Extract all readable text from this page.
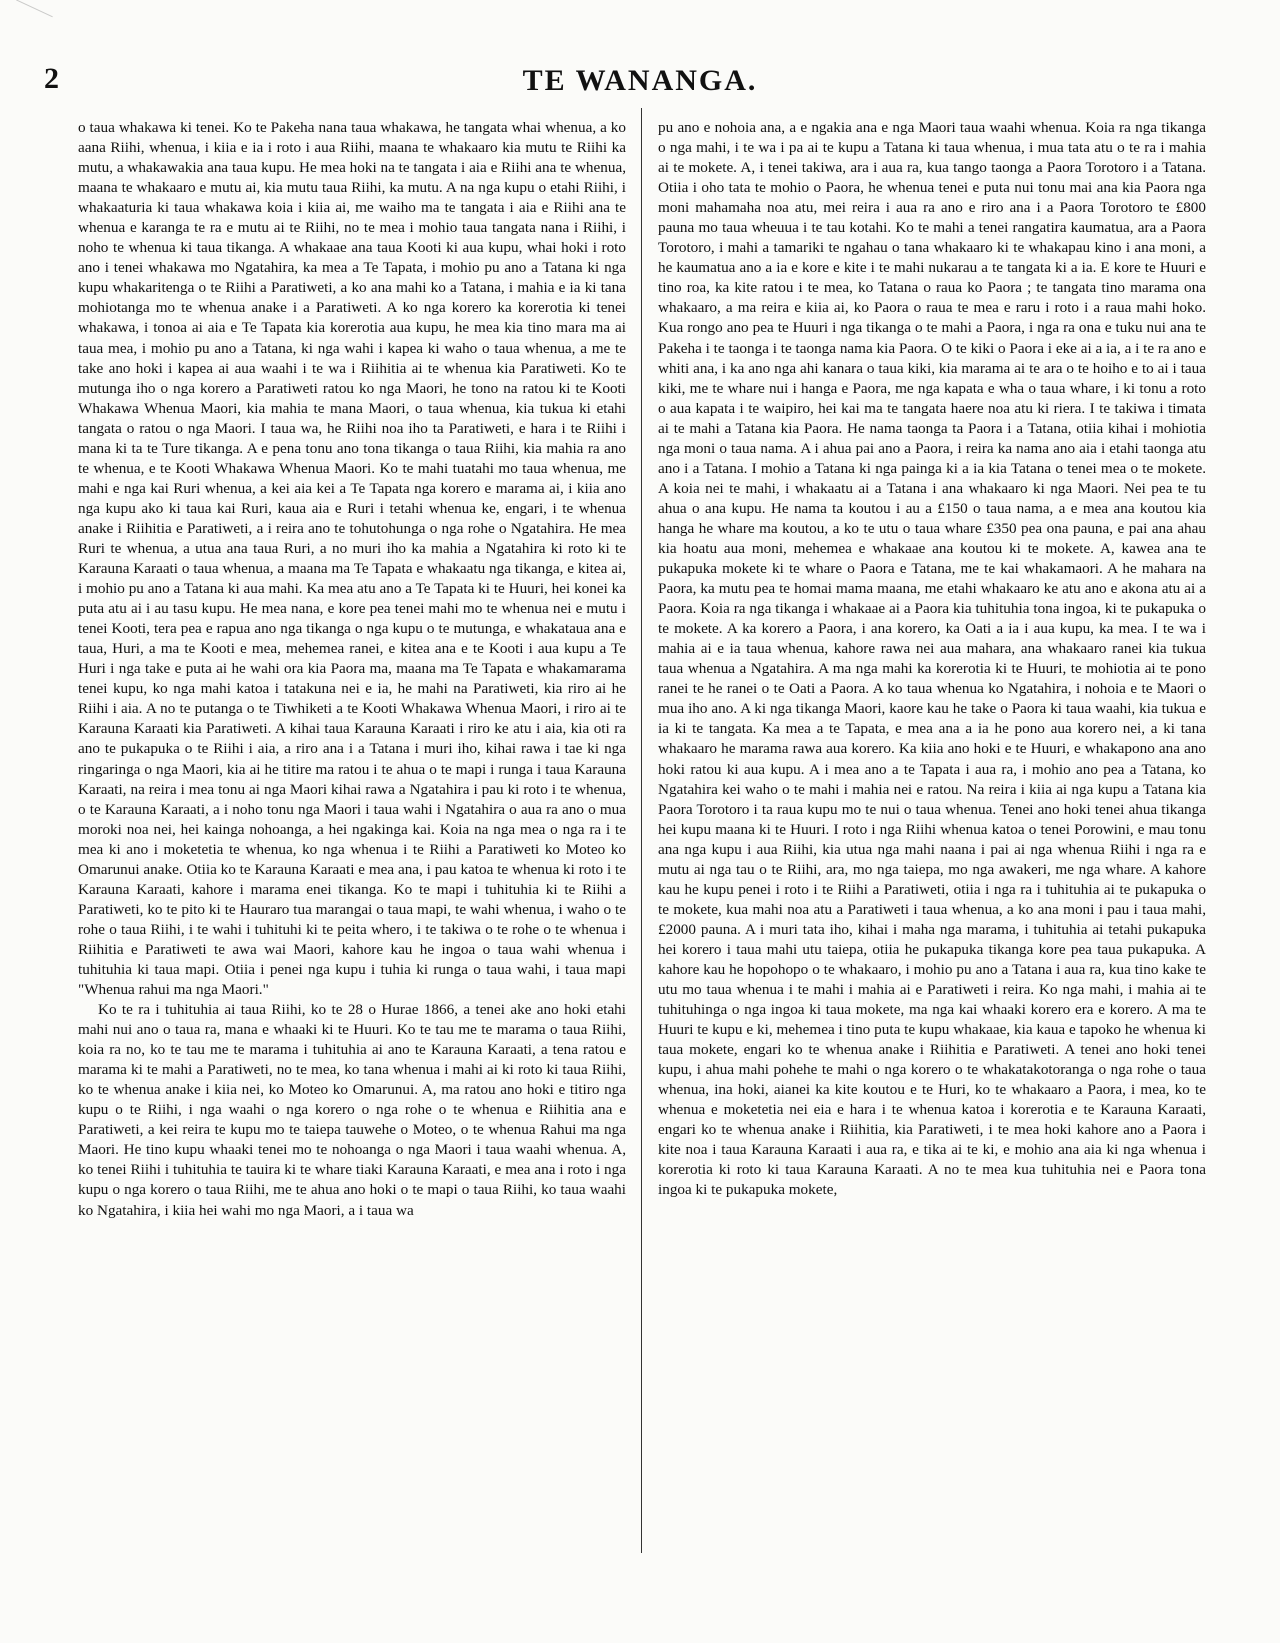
2	TE WANANGA.

o taua whakawa ki tenei. Ko te Pakeha nana taua whakawa, he tangata whai whenua, a ko aana Riihi, whenua, i kiia e ia i roto i aua Riihi, maana te whakaaro kia mutu te Riihi ka mutu, a whakawakia ana taua kupu. He mea hoki na te tangata i aia e Riihi ana te whenua, maana te whakaaro e mutu ai, kia mutu taua Riihi, ka mutu. A na nga kupu o etahi Riihi, i whakaaturia ki taua whakawa koia i kiia ai, me waiho ma te tangata i aia e Riihi ana te whenua e karanga te ra e mutu ai te Riihi, no te mea i mohio taua tangata nana i Riihi, i noho te whenua ki taua tikanga. A whakaae ana taua Kooti ki aua kupu, whai hoki i roto ano i tenei whakawa mo Ngatahira, ka mea a Te Tapata, i mohio pu ano a Tatana ki nga kupu whakaritenga o te Riihi a Paratiweti, a ko ana mahi ko a Tatana, i mahia e ia ki tana mohiotanga mo te whenua anake i a Paratiweti. A ko nga korero ka korerotia ki tenei whakawa, i tonoa ai aia e Te Tapata kia korerotia aua kupu, he mea kia tino mara ma ai taua mea, i mohio pu ano a Tatana, ki nga wahi i kapea ki waho o taua whenua, a me te take ano hoki i kapea ai aua waahi i te wa i Riihitia ai te whenua kia Paratiweti. Ko te mutunga iho o nga korero a Paratiweti ratou ko nga Maori, he tono na ratou ki te Kooti Whakawa Whenua Maori, kia mahia te mana Maori, o taua whenua, kia tukua ki etahi tangata o ratou o nga Maori. I taua wa, he Riihi noa iho ta Paratiweti, e hara i te Riihi i mana ki ta te Ture tikanga. A e pena tonu ano tona tikanga o taua Riihi, kia mahia ra ano te whenua, e te Kooti Whakawa Whenua Maori. Ko te mahi tuatahi mo taua whenua, me mahi e nga kai Ruri whenua, a kei aia kei a Te Tapata nga korero e marama ai, i kiia ano nga kupu ako ki taua kai Ruri, kaua aia e Ruri i tetahi whenua ke, engari, i te whenua anake i Riihitia e Paratiweti, a i reira ano te tohutohunga o nga rohe o Ngatahira. He mea Ruri te whenua, a utua ana taua Ruri, a no muri iho ka mahia a Ngatahira ki roto ki te Karauna Karaati o taua whenua, a maana ma Te Tapata e whakaatu nga tikanga, e kitea ai, i mohio pu ano a Tatana ki aua mahi. Ka mea atu ano a Te Tapata ki te Huuri, hei konei ka puta atu ai i au tasu kupu. He mea nana, e kore pea tenei mahi mo te whenua nei e mutu i tenei Kooti, tera pea e rapua ano nga tikanga o nga kupu o te mutunga, e whakataua ana e taua, Huri, a ma te Kooti e mea, mehemea ranei, e kitea ana e te Kooti i aua kupu a Te Huri i nga take e puta ai he wahi ora kia Paora ma, maana ma Te Tapata e whakamarama tenei kupu, ko nga mahi katoa i tatakuna nei e ia, he mahi na Paratiweti, kia riro ai he Riihi i aia. A no te putanga o te Tiwhiketi a te Kooti Whakawa Whenua Maori, i riro ai te Karauna Karaati kia Paratiweti. A kihai taua Karauna Karaati i riro ke atu i aia, kia oti ra ano te pukapuka o te Riihi i aia, a riro ana i a Tatana i muri iho, kihai rawa i tae ki nga ringaringa o nga Maori, kia ai he titire ma ratou i te ahua o te mapi i runga i taua Karauna Karaati, na reira i mea tonu ai nga Maori kihai rawa a Ngatahira i pau ki roto i te whenua, o te Karauna Karaati, a i noho tonu nga Maori i taua wahi i Ngatahira o aua ra ano o mua moroki noa nei, hei kainga nohoanga, a hei ngakinga kai. Koia na nga mea o nga ra i te mea ki ano i moketetia te whenua, ko nga whenua i te Riihi a Paratiweti ko Moteo ko Omarunui anake. Otiia ko te Karauna Karaati e mea ana, i pau katoa te whenua ki roto i te Karauna Karaati, kahore i marama enei tikanga. Ko te mapi i tuhituhia ki te Riihi a Paratiweti, ko te pito ki te Hauraro tua marangai o taua mapi, te wahi whenua, i waho o te rohe o taua Riihi, i te wahi i tuhituhi ki te peita whero, i te takiwa o te rohe o te whenua i Riihitia e Paratiweti te awa wai Maori, kahore kau he ingoa o taua wahi whenua i tuhituhia ki taua mapi. Otiia i penei nga kupu i tuhia ki runga o taua wahi, i taua mapi "Whenua rahui ma nga Maori."

Ko te ra i tuhituhia ai taua Riihi, ko te 28 o Hurae 1866, a tenei ake ano hoki etahi mahi nui ano o taua ra, mana e whaaki ki te Huuri. Ko te tau me te marama o taua Riihi, koia ra no, ko te tau me te marama i tuhituhia ai ano te Karauna Karaati, a tena ratou e marama ki te mahi a Paratiweti, no te mea, ko tana whenua i mahi ai ki roto ki taua Riihi, ko te whenua anake i kiia nei, ko Moteo ko Omarunui. A, ma ratou ano hoki e titiro nga kupu o te Riihi, i nga waahi o nga korero o nga rohe o te whenua e Riihitia ana e Paratiweti, a kei reira te kupu mo te taiepa tauwehe o Moteo, o te whenua Rahui ma nga Maori. He tino kupu whaaki tenei mo te nohoanga o nga Maori i taua waahi whenua. A, ko tenei Riihi i tuhituhia te tauira ki te whare tiaki Karauna Karaati, e mea ana i roto i nga kupu o nga korero o taua Riihi, me te ahua ano hoki o te mapi o taua Riihi, ko taua waahi ko Ngatahira, i kiia hei wahi mo nga Maori, a i taua wa

pu ano e nohoia ana, a e ngakia ana e nga Maori taua waahi whenua. Koia ra nga tikanga o nga mahi, i te wa i pa ai te kupu a Tatana ki taua whenua, i mua tata atu o te ra i mahia ai te mokete. A, i tenei takiwa, ara i aua ra, kua tango taonga a Paora Torotoro i a Tatana. Otiia i oho tata te mohio o Paora, he whenua tenei e puta nui tonu mai ana kia Paora nga moni mahamaha noa atu, mei reira i aua ra ano e riro ana i a Paora Torotoro te £800 pauna mo taua wheuua i te tau kotahi. Ko te mahi a tenei rangatira kaumatua, ara a Paora Torotoro, i mahi a tamariki te ngahau o tana whakaaro ki te whakapau kino i ana moni, a he kaumatua ano a ia e kore e kite i te mahi nukarau a te tangata ki a ia. E kore te Huuri e tino roa, ka kite ratou i te mea, ko Tatana o raua ko Paora ; te tangata tino marama ona whakaaro, a ma reira e kiia ai, ko Paora o raua te mea e raru i roto i a raua mahi hoko. Kua rongo ano pea te Huuri i nga tikanga o te mahi a Paora, i nga ra ona e tuku nui ana te Pakeha i te taonga i te taonga nama kia Paora. O te kiki o Paora i eke ai a ia, a i te ra ano e whiti ana, i ka ano nga ahi kanara o taua kiki, kia marama ai te ara o te hoiho e to ai i taua kiki, me te whare nui i hanga e Paora, me nga kapata e wha o taua whare, i ki tonu a roto o aua kapata i te waipiro, hei kai ma te tangata haere noa atu ki riera. I te takiwa i timata ai te mahi a Tatana kia Paora. He nama taonga ta Paora i a Tatana, otiia kihai i mohiotia nga moni o taua nama. A i ahua pai ano a Paora, i reira ka nama ano aia i etahi taonga atu ano i a Tatana. I mohio a Tatana ki nga painga ki a ia kia Tatana o tenei mea o te mokete. A koia nei te mahi, i whakaatu ai a Tatana i ana whakaaro ki nga Maori. Nei pea te tu ahua o ana kupu. He nama ta koutou i au a £150 o taua nama, a e mea ana koutou kia hanga he whare ma koutou, a ko te utu o taua whare £350 pea ona pauna, e pai ana ahau kia hoatu aua moni, mehemea e whakaae ana koutou ki te mokete. A, kawea ana te pukapuka mokete ki te whare o Paora e Tatana, me te kai whakamaori. A he mahara na Paora, ka mutu pea te homai mama maana, me etahi whakaaro ke atu ano e akona atu ai a Paora. Koia ra nga tikanga i whakaae ai a Paora kia tuhituhia tona ingoa, ki te pukapuka o te mokete. A ka korero a Paora, i ana korero, ka Oati a ia i aua kupu, ka mea. I te wa i mahia ai e ia taua whenua, kahore rawa nei aua mahara, ana whakaaro ranei kia tukua taua whenua a Ngatahira. A ma nga mahi ka korerotia ki te Huuri, te mohiotia ai te pono ranei te he ranei o te Oati a Paora. A ko taua whenua ko Ngatahira, i nohoia e te Maori o mua iho ano. A ki nga tikanga Maori, kaore kau he take o Paora ki taua waahi, kia tukua e ia ki te tangata. Ka mea a te Tapata, e mea ana a ia he pono aua korero nei, a ki tana whakaaro he marama rawa aua korero. Ka kiia ano hoki e te Huuri, e whakapono ana ano hoki ratou ki aua kupu. A i mea ano a te Tapata i aua ra, i mohio ano pea a Tatana, ko Ngatahira kei waho o te mahi i mahia nei e ratou. Na reira i kiia ai nga kupu a Tatana kia Paora Torotoro i ta raua kupu mo te nui o taua whenua. Tenei ano hoki tenei ahua tikanga hei kupu maana ki te Huuri. I roto i nga Riihi whenua katoa o tenei Porowini, e mau tonu ana nga kupu i aua Riihi, kia utua nga mahi naana i pai ai nga whenua Riihi i nga ra e mutu ai nga tau o te Riihi, ara, mo nga taiepa, mo nga awakeri, me nga whare. A kahore kau he kupu penei i roto i te Riihi a Paratiweti, otiia i nga ra i tuhituhia ai te pukapuka o te mokete, kua mahi noa atu a Paratiweti i taua whenua, a ko ana moni i pau i taua mahi, £2000 pauna. A i muri tata iho, kihai i maha nga marama, i tuhituhia ai tetahi pukapuka hei korero i taua mahi utu taiepa, otiia he pukapuka tikanga kore pea taua pukapuka. A kahore kau he hopohopo o te whakaaro, i mohio pu ano a Tatana i aua ra, kua tino kake te utu mo taua whenua i te mahi i mahia ai e Paratiweti i reira. Ko nga mahi, i mahia ai te tuhituhinga o nga ingoa ki taua mokete, ma nga kai whaaki korero era e korero. A ma te Huuri te kupu e ki, mehemea i tino puta te kupu whakaae, kia kaua e tapoko he whenua ki taua mokete, engari ko te whenua anake i Riihitia e Paratiweti. A tenei ano hoki tenei kupu, i ahua mahi pohehe te mahi o nga korero o te whakatakotoranga o nga rohe o taua whenua, ina hoki, aianei ka kite koutou e te Huri, ko te whakaaro a Paora, i mea, ko te whenua e moketetia nei eia e hara i te whenua katoa i korerotia e te Karauna Karaati, engari ko te whenua anake i Riihitia, kia Paratiweti, i te mea hoki kahore ano a Paora i kite noa i taua Karauna Karaati i aua ra, e tika ai te ki, e mohio ana aia ki nga whenua i korerotia ki roto ki taua Karauna Karaati. A no te mea kua tuhituhia nei e Paora tona ingoa ki te pukapuka mokete,
